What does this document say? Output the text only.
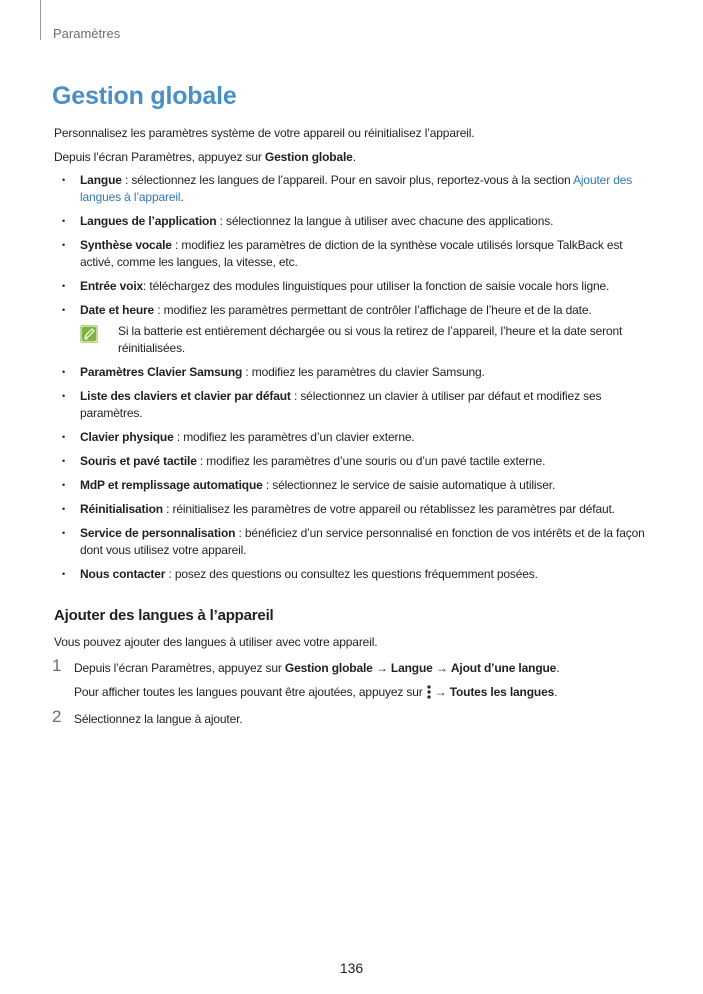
Paramètres
Gestion globale

Personnalisez les paramètres système de votre appareil ou réinitialisez l’appareil.

Depuis l’écran Paramètres, appuyez sur Gestion globale.

• Langue : sélectionnez les langues de l’appareil. Pour en savoir plus, reportez-vous à la section Ajouter des langues à l’appareil.
• Langues de l’application : sélectionnez la langue à utiliser avec chacune des applications.
• Synthèse vocale : modifiez les paramètres de diction de la synthèse vocale utilisés lorsque TalkBack est activé, comme les langues, la vitesse, etc.
• Entrée voix: téléchargez des modules linguistiques pour utiliser la fonction de saisie vocale hors ligne.
• Date et heure : modifiez les paramètres permettant de contrôler l’affichage de l’heure et de la date.
Si la batterie est entièrement déchargée ou si vous la retirez de l’appareil, l’heure et la date seront réinitialisées.
• Paramètres Clavier Samsung : modifiez les paramètres du clavier Samsung.
• Liste des claviers et clavier par défaut : sélectionnez un clavier à utiliser par défaut et modifiez ses paramètres.
• Clavier physique : modifiez les paramètres d’un clavier externe.
• Souris et pavé tactile : modifiez les paramètres d’une souris ou d’un pavé tactile externe.
• MdP et remplissage automatique : sélectionnez le service de saisie automatique à utiliser.
• Réinitialisation : réinitialisez les paramètres de votre appareil ou rétablissez les paramètres par défaut.
• Service de personnalisation : bénéficiez d’un service personnalisé en fonction de vos intérêts et de la façon dont vous utilisez votre appareil.
• Nous contacter : posez des questions ou consultez les questions fréquemment posées.
Ajouter des langues à l’appareil

Vous pouvez ajouter des langues à utiliser avec votre appareil.

1 Depuis l’écran Paramètres, appuyez sur Gestion globale → Langue → Ajout d’une langue.
Pour afficher toutes les langues pouvant être ajoutées, appuyez sur → Toutes les langues.
2 Sélectionnez la langue à ajouter.
136
